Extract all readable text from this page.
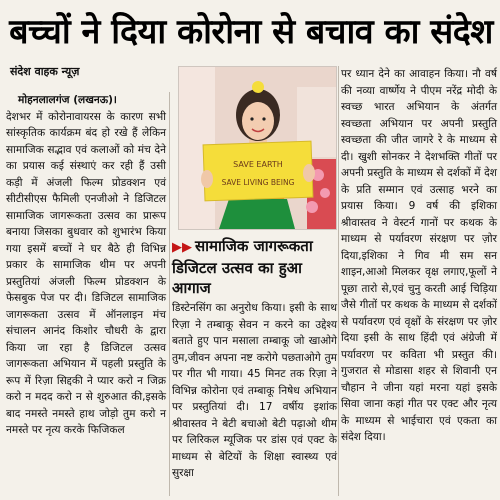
बच्चों ने दिया कोरोना से बचाव का संदेश
संदेश वाहक न्यूज़

मोहनलालगंज (लखनऊ)।

देशभर में कोरोनावायरस के कारण सभी सांस्कृतिक कार्यक्रम बंद हो रखे हैं लेकिन सामाजिक सद्भाव एवं कलाओं को मंच देने का प्रयास कई संस्थाएं कर रही हैं उसी कड़ी में अंजली फिल्म प्रोडक्शन एवं सीटीसीएस फैमिली एनजीओ ने डिजिटल सामाजिक जागरूकता उत्सव का प्रारूप बनाया जिसका बुधवार को शुभारंभ किया गया इसमें बच्चों ने घर बैठे ही विभिन्न प्रकार के सामाजिक थीम पर अपनी प्रस्तुतियां अंजली फिल्म प्रोडक्शन के फेसबुक पेज पर दी। डिजिटल सामाजिक जागरूकता उत्सव में ऑनलाइन मंच संचालन आनंद किशोर चौधरी के द्वारा किया जा रहा है डिजिटल उत्सव जागरूकता अभियान में पहली प्रस्तुति के रूप में रिज़ा सिद्दकी ने प्यार करो न जिक्र करो न मदद करो न से शुरुआत की,इसके बाद नमस्ते नमस्ते हाथ जोड़ो तुम करो न नमस्ते पर नृत्य करके फिजिकल

SAVE EARTH
SAVE LIVING BEING
▶▶ सामाजिक जागरूकता डिजिटल उत्सव का हुआ आगाज

डिस्टेनसिंग का अनुरोध किया। इसी के साथ रिज़ा ने तम्बाकू सेवन न करने का उद्देश्य बताते हुए पान मसाला तम्बाकू जो खाओगे तुम,जीवन अपना नष्ट करोगे पछताओगे तुम पर गीत भी गाया। 45 मिनट तक रिज़ा ने विभिन्न कोरोना एवं तम्बाकू निषेध अभियान पर प्रस्तुतियां दी। 17 वर्षीय इशांक श्रीवास्तव ने बेटी बचाओ बेटी पढ़ाओ थीम पर लिरिकल म्यूजिक पर डांस एवं एक्ट के माध्यम से बेटियों के शिक्षा स्वास्थ्य एवं सुरक्षा

पर ध्यान देने का आवाहन किया। नौ वर्ष की नव्या वार्ष्णेय ने पीएम नरेंद्र मोदी के स्वच्छ भारत अभियान के अंतर्गत स्वच्छता अभियान पर अपनी प्रस्तुति स्वच्छता की जीत जागरे रे के माध्यम से दी। खुशी सोनकर ने देशभक्ति गीतों पर अपनी प्रस्तुति के माध्यम से दर्शकों में देश के प्रति सम्मान एवं उत्साह भरने का प्रयास किया। 9 वर्ष की इशिका श्रीवास्तव ने वेस्टर्न गानों पर कथक के माध्यम से पर्यावरण संरक्षण पर ज़ोर दिया,इशिका ने गिव मी सम सन शाइन,आओ मिलकर वृक्ष लगाए,फूलों ने पूछा तारो से,एवं चुनु करती आई चिड़िया जैसे गीतों पर कथक के माध्यम से दर्शकों से पर्यावरण एवं वृक्षों के संरक्षण पर ज़ोर दिया इसी के साथ हिंदी एवं अंग्रेजी में पर्यावरण पर कविता भी प्रस्तुत की।गुजरात से मोडासा शहर से शिवानी एन चौहान ने जीना यहां मरना यहां इसके सिवा जाना कहां गीत पर एक्ट और नृत्य के माध्यम से भाईचारा एवं एकता का संदेश दिया।
